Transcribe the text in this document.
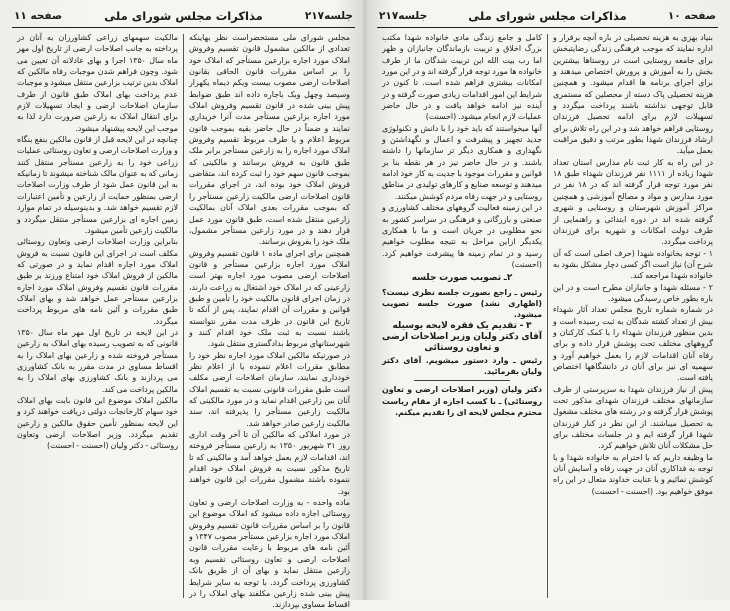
جلسه۲۱۷
مذاکرات مجلس شورای ملی
صفحه ۱۱

مجلس شورای ملی مستحضراست نظر بهاینکه تعدادی از مالکین مشمول قانون تقسیم وفروش املاک مورد اجاره بزارعین مستأجر که املاک خود را بر اساس مقررات قانون الحاقی بقانون اصلاحات ارضی مصوب بیست ویکم دیماه یکهزار وسیصد وچهل ویک باجاره داده اند طبق ضوابط پیش بینی شده در قانون تقسیم وفروش املاک مورد اجاره بزارعین مستأجر مدت آنرا خریداری نمایند و ضمناً در حال حاضر بقیه بموجب قانون مربوط اعلام و یا طرف مربوط تقسیم وفروش املاک مورد اجاره را به زارعین مستأجر برابر ملک طبق قانون به فروش برسانند و مالکینی که بموجب قانون سهم خود را ثبت کرده اند، متقاضی فروش املاک خود بوده اند، در اجرای مقررات قانون اصلاحات ارضی مالکیت زارعین مستأجر را که بموجب مقررات بعدی املاک آنان بمالکیت زارعین منتقل شده است، طبق قانون مورد عمل قرار دهند و در مورد زارعین مستأجر مشمول، ملک خود را بفروش برسانند.

همچنین برای اجرای ماده ۱ قانون تقسیم وفروش املاک مورد اجاره بزارعین مستأجر و قانون اصلاحات ارضی مصوب مورد اجاره بهتر است زارعینی که در املاک خود اشتغال به زراعت دارند، در زمان اجرای قانون مالکیت خود را تأمین و طبق قوانین و مقررات آن اقدام نمایند، پس از آنکه تا تاریخ این قانون در ظرف مدت مقرر نتوانسته باشند نسبت به ثبت ملک خود اقدام کنند و شهرستانهای مربوط بدادگستری منتقل شود.

در صورتیکه مالکین املاک مورد اجاره نظر خود را مطابق مقررات اعلام ننموده یا از اعلام نظر خودداری نمایند، سازمان اصلاحات ارضی مکلف است طبق مقررات قانونی نسبت به تقسیم املاک آنان بین زارعین اقدام نماید و در مورد مالکینی که مالکیت زارعین مستأجر را پذیرفته اند، سند مالکیت زارعین صادر خواهد شد.

در مورد املاکی که مالکین آن تا آخر وقت اداری روز ۳۱ شهریور ۱۳۵۰ به زارعین مستأجر فروخته اند، اقدامات لازم بعمل خواهد آمد و مالکینی که تا تاریخ مذکور نسبت به فروش املاک خود اقدام ننموده باشند مشمول مقررات این قانون خواهند بود.

ماده واحده - به وزارت اصلاحات ارضی و تعاون روستائی اجازه داده میشود که املاک موضوع این قانون را بر اساس مقررات قانون تقسیم وفروش املاک مورد اجاره بزارعین مستأجر مصوب ۱۳۴۷ و آئین نامه های مربوط با رعایت مقررات قانون اصلاحات ارضی و تعاون روستائی تقسیم وبه زارعین منتقل نماید و بهای آن از طریق بانک کشاورزی پرداخت گردد. با توجه به سایر شرایط پیش بینی شده زارعین مکلفند بهای املاک را در اقساط مساوی بپردازند.

مالکیت سهمهای زراعی کشاورزان به آنان در پرداخته به جانب اصلاحات ارضی از تاریخ اول مهر ماه سال ۱۳۵۰ اجرا و بهای عادلانه آن تعیین می شود. وچون فراهم شدن موجبات رفاه مالکین که املاک بدین ترتیب بزارعین منتقل میشود و موجبات عدم پرداخت بهای املاک طبق قانون از طرف سازمان اصلاحات ارضی و ایجاد تسهیلات لازم برای انتقال املاک به زارعین ضرورت دارد لذا به موجب این لایحه پیشنهاد میشود.

چنانچه در این لایحه قبل از قانون مالکین بنفع بنگاه و وزارت اصلاحات ارضی و تعاون روستائی عملیات زراعی خود را به زارعین مستأجر منتقل کنند زمانی که به عنوان مالک شناخته میشوند تا زمانیکه به این قانون عمل شود از طرف وزارت اصلاحات ارضی بمنظور حمایت از زارعین و تأمین اعتبارات لازم تقسیم خواهد شد. و بدینوسیله در تمام موارد زمین اجاره ای بزارعین مستأجر منتقل میگردد و مالکیت زارعین تأمین میشود.

بنابراین وزارت اصلاحات ارضی وتعاون روستائی مکلف است در اجرای این قانون نسبت به فروش املاک مورد اجاره اقدام نماید و در صورتی که مالکین از فروش املاک خود امتناع ورزند بر طبق مقررات قانون تقسیم وفروش املاک مورد اجاره بزارعین مستأجر عمل خواهد شد و بهای املاک طبق مقررات و آئین نامه های مربوط پرداخت میگردد.

در این لایحه در تاریخ اول مهر ماه سال ۱۳۵۰ قانونی که به تصویب رسیده بهای املاک به زارعین مستأجر فروخته شده و زارعین بهای املاک را به اقساط مساوی در مدت مقرر به بانک کشاورزی می پردازند و بانک کشاورزی بهای املاک را به مالکین پرداخت می کند.

مالکین املاک موضوع این قانون بابت بهای املاک خود سهام کارخانجات دولتی دریافت خواهند کرد و این لایحه بمنظور تأمین حقوق مالکین و زارعین تقدیم میگردد. وزیر اصلاحات ارضی وتعاون روستائی - دکتر ولیان (احسنت - احسنت)

صفحه ۱۰
مذاکرات مجلس شورای ملی
جلسه۲۱۷

بنیاد بهزی به هزینه تحصیلی در باره آنچه برقرار و اداره نمایند که موجب فرهنگی زندگی رضایتبخش برای جامعه روستایی است در روستاها بیشترین بخش را به آموزش و پرورش اختصاص میدهند و برای اجرای برنامه ها اقدام میشود. و همچنین هزینه تحصیلی پاک دسته از محصلین که مستمری قابل توجهی نداشته باشند پرداخت میگردد و تسهیلات لازم برای ادامه تحصیل فرزندان روستایی فراهم خواهد شد و در این راه تلاش برای ارشاد فرزندان شهدا بطور مرتب و دقیق مراقبت بعمل میآید.

در این راه به کار ثبت نام مدارس استان تعداد شهدا زیاده از ۱۱۱۱ نفر فرزندان شهداء طبق ۱۸ نفر مورد توجه قرار گرفته اند که در ۱۸ نفر در مورد مدارس و مواد و مصالح آموزشی و همچنین مراکز آموزش شهرستان و روستایی و شهری گرفته شده اند در دوره ابتدائی و راهنمایی از طرف دولت امکانات و شهریه برای فرزندان پرداخت میگردد.

۱ - توجه بخانواده شهدا (حرف اصلی است که آن شرح آن) نیاز است اگر کسی دچار مشکل بشود به خانواده شهدا مراجعه کند.

۲ - مسئله شهدا و جانبازان مطرح است و در این باره بطور خاص رسیدگی میشود.

در شماره شماره تاریخ مجلس تعداد آثار شهداء بیش از تعداد کشته شدگان به ثبت رسیده است و بدین منظور فرزندان شهداء را با کمک کارکنان و گروههای مختلف تحت پوشش قرار داده و برای رفاه آنان اقدامات لازم را بعمل خواهیم آورد و سهمیه ای نیز برای آنان در دانشگاهها اختصاص یافته است.

پیش از نیاز فرزندان شهدا به سرپرستی از طرف سازمانهای مختلف فرزندان شهدای مذکور تحت پوشش قرار گرفته و در رشته های مختلف مشغول به تحصیل میباشند. از این نظر در کنار فرزندان شهدا قرار گرفته ایم و در جلسات مختلف برای حل مشکلات آنان تلاش خواهیم کرد.

ما وظیفه داریم که با احترام به خانواده شهدا و با توجه به فداکاری آنان در جهت رفاه و آسایش آنان کوشش نمائیم و با عنایت خداوند متعال در این راه موفق خواهیم بود. (احسنت - احسنت)

کامل و جامع زندگی مادی خانواده شهدا مکتب بزرگ اخلاق و تربیت بازماندگان جانبازان و ظهر اما رب بیت الله این تربیت شدگان ما از طرف خانواده ها مورد توجه قرار گرفته اند و در این مورد امکانات بیشتری فراهم شده است. تا کنون در شرایط این امور اقدامات زیادی صورت گرفته و در آینده نیز ادامه خواهد یافت و در حال حاضر عملیات لازم انجام میشود. (احسنت)

آنها میخواستند که باید خود را با دانش و تکنولوژی جدید تجهیز و پیشرفت و اعمال و نگهداشتن و نگهداری و همکاری دیگر تر سازمانها را داشته باشند. و در حال حاضر نیز در هر نقطه بنا بر قوانین و مقررات موجود با جدیت به کار خود ادامه میدهند و توسعه صنایع و کارهای تولیدی در مناطق روستایی و در جهت رفاه مردم کوشش میکنند.

در این زمینه فعالیت گروههای مختلف کشاورزی و صنعتی و بازرگانی و فرهنگی در سراسر کشور به نحو مطلوبی در جریان است و ما با همکاری یکدیگر ازاین مراحل به نتیجه مطلوب خواهیم رسید و در تمام زمینه ها پیشرفت خواهیم کرد. (احسنت)

۲ـ تصویب صورت جلسه

رئیس ـ راجع بصورت جلسه نظری نیست؟ (اظهاری نشد) صورت جلسه تصویب میشود.

۳ - تقدیم یک فقره لایحه بوسیله آقای دکتر ولیان وزیر اصلاحات ارضی و تعاون روستائی

رئیس ـ وارد دستور میشویم. آقای دکتر ولیان بفرمائید.

دکتر ولیان (وزیر اصلاحات ارضی و تعاون روستائی) ـ با کسب اجازه از مقام ریاست محترم مجلس لایحه ای را تقدیم میکنم.
